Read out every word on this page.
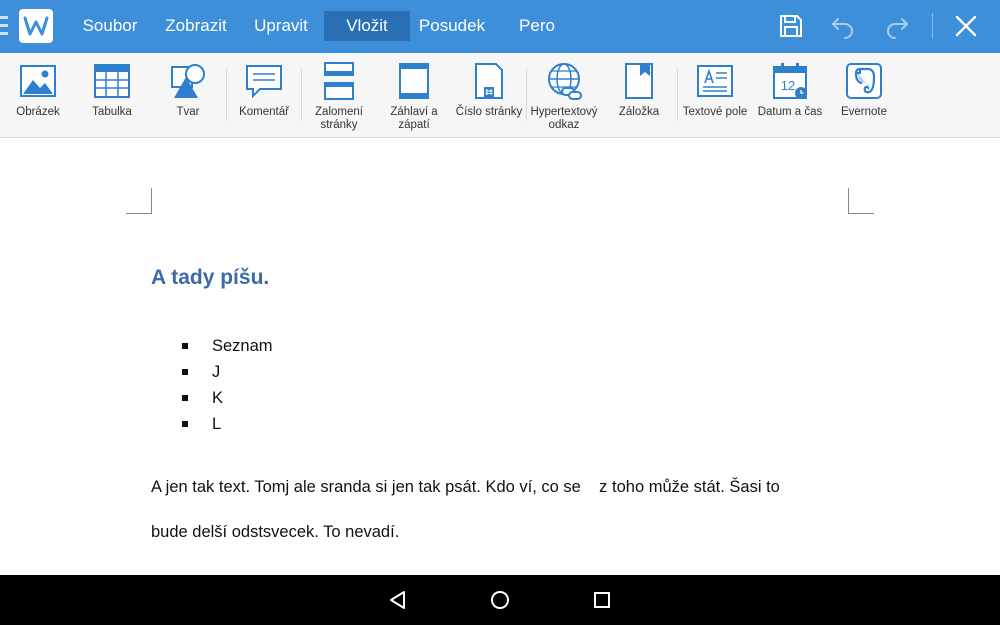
Soubor	Zobrazit	Upravit	Vložit	Posudek	Pero
Obrázek	Tabulka	Tvar	Komentář	Zalomení
stránky
Záhlaví a
zápatí
Číslo stránky Hypertextový
odkaz
Záložka	Textové pole
12
Datum a čas	Evernote
A tady píšu.
Seznam
J
K
L
A jen tak text. Tomj ale sranda si jen tak psát. Kdo ví, co se    z toho může stát. Šasi to
bude delší odstsvecek. To nevadí.
